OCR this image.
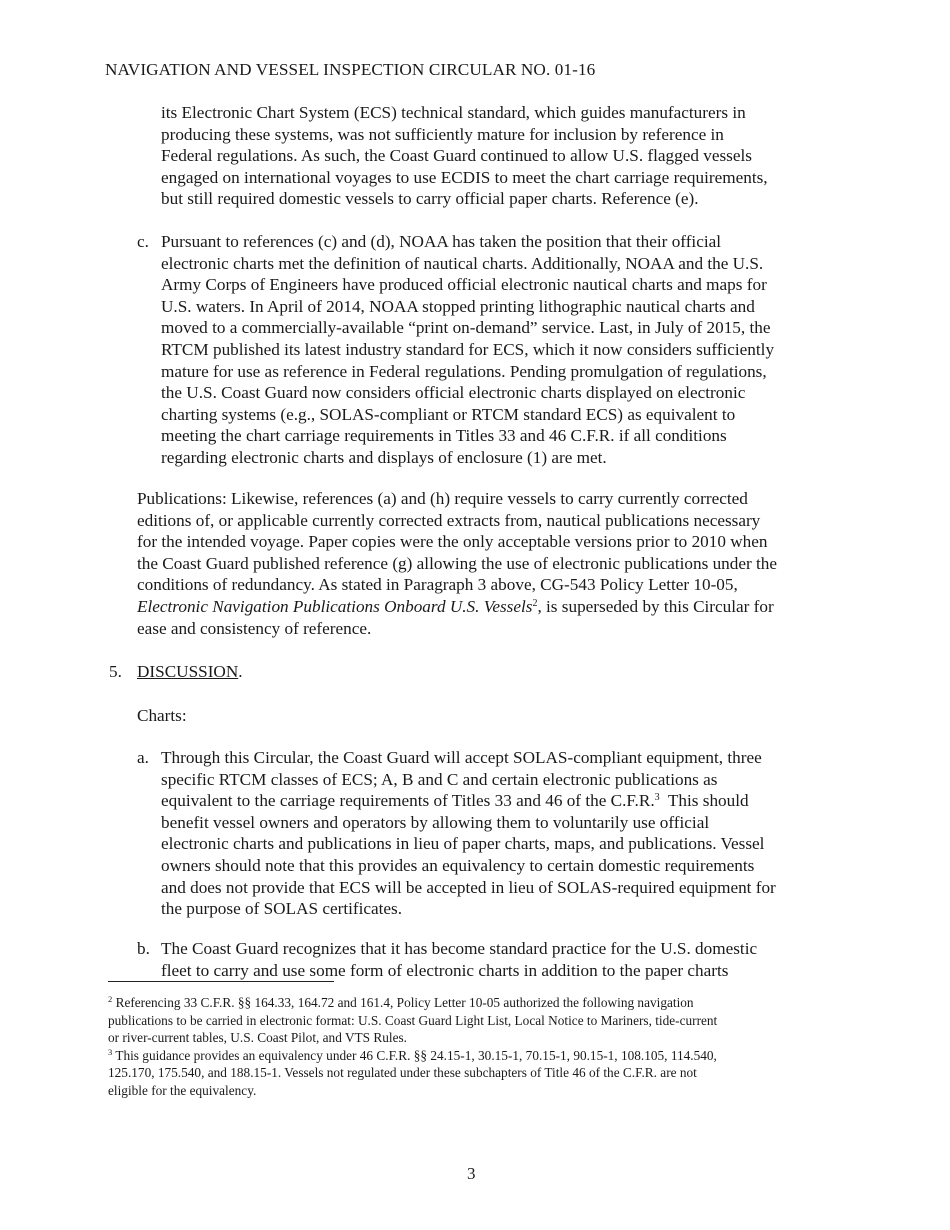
NAVIGATION AND VESSEL INSPECTION CIRCULAR NO. 01-16
its Electronic Chart System (ECS) technical standard, which guides manufacturers in
producing these systems, was not sufficiently mature for inclusion by reference in
Federal regulations. As such, the Coast Guard continued to allow U.S. flagged vessels
engaged on international voyages to use ECDIS to meet the chart carriage requirements,
but still required domestic vessels to carry official paper charts. Reference (e).
c. Pursuant to references (c) and (d), NOAA has taken the position that their official
electronic charts met the definition of nautical charts. Additionally, NOAA and the U.S.
Army Corps of Engineers have produced official electronic nautical charts and maps for
U.S. waters. In April of 2014, NOAA stopped printing lithographic nautical charts and
moved to a commercially-available “print on-demand” service. Last, in July of 2015, the
RTCM published its latest industry standard for ECS, which it now considers sufficiently
mature for use as reference in Federal regulations. Pending promulgation of regulations,
the U.S. Coast Guard now considers official electronic charts displayed on electronic
charting systems (e.g., SOLAS-compliant or RTCM standard ECS) as equivalent to
meeting the chart carriage requirements in Titles 33 and 46 C.F.R. if all conditions
regarding electronic charts and displays of enclosure (1) are met.
Publications: Likewise, references (a) and (h) require vessels to carry currently corrected
editions of, or applicable currently corrected extracts from, nautical publications necessary
for the intended voyage. Paper copies were the only acceptable versions prior to 2010 when
the Coast Guard published reference (g) allowing the use of electronic publications under the
conditions of redundancy. As stated in Paragraph 3 above, CG-543 Policy Letter 10-05,
Electronic Navigation Publications Onboard U.S. Vessels$^2$, is superseded by this Circular for
ease and consistency of reference.
5. DISCUSSION.
Charts:
a. Through this Circular, the Coast Guard will accept SOLAS-compliant equipment, three
specific RTCM classes of ECS; A, B and C and certain electronic publications as
equivalent to the carriage requirements of Titles 33 and 46 of the C.F.R.$^3$  This should
benefit vessel owners and operators by allowing them to voluntarily use official
electronic charts and publications in lieu of paper charts, maps, and publications. Vessel
owners should note that this provides an equivalency to certain domestic requirements
and does not provide that ECS will be accepted in lieu of SOLAS-required equipment for
the purpose of SOLAS certificates.
b. The Coast Guard recognizes that it has become standard practice for the U.S. domestic
fleet to carry and use some form of electronic charts in addition to the paper charts
$^2$ Referencing 33 C.F.R. §§ 164.33, 164.72 and 161.4, Policy Letter 10-05 authorized the following navigation
publications to be carried in electronic format: U.S. Coast Guard Light List, Local Notice to Mariners, tide-current
or river-current tables, U.S. Coast Pilot, and VTS Rules.
$^3$ This guidance provides an equivalency under 46 C.F.R. §§ 24.15-1, 30.15-1, 70.15-1, 90.15-1, 108.105, 114.540,
125.170, 175.540, and 188.15-1. Vessels not regulated under these subchapters of Title 46 of the C.F.R. are not
eligible for the equivalency.
3
